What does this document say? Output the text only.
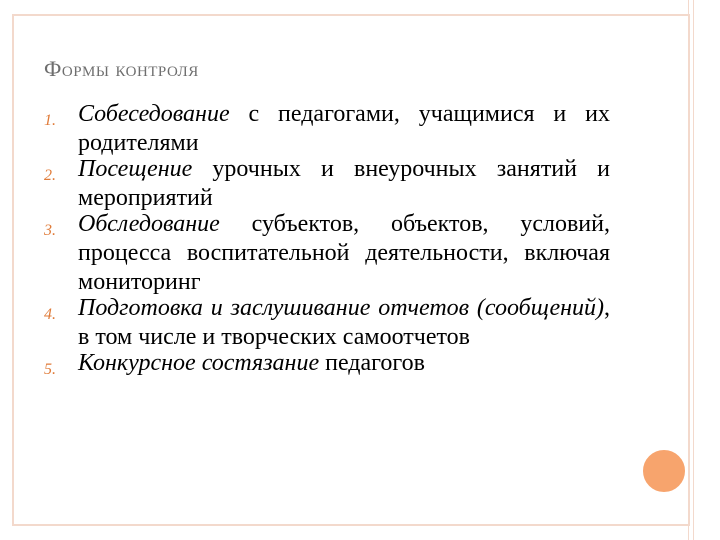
Формы контроля
1. Собеседование с педагогами, учащимися и их родителями
2. Посещение урочных и внеурочных занятий и мероприятий
3. Обследование субъектов, объектов, условий, процесса воспитательной деятельности, включая мониторинг
4. Подготовка и заслушивание отчетов (сообщений), в том числе и творческих самоотчетов
5. Конкурсное состязание педагогов
